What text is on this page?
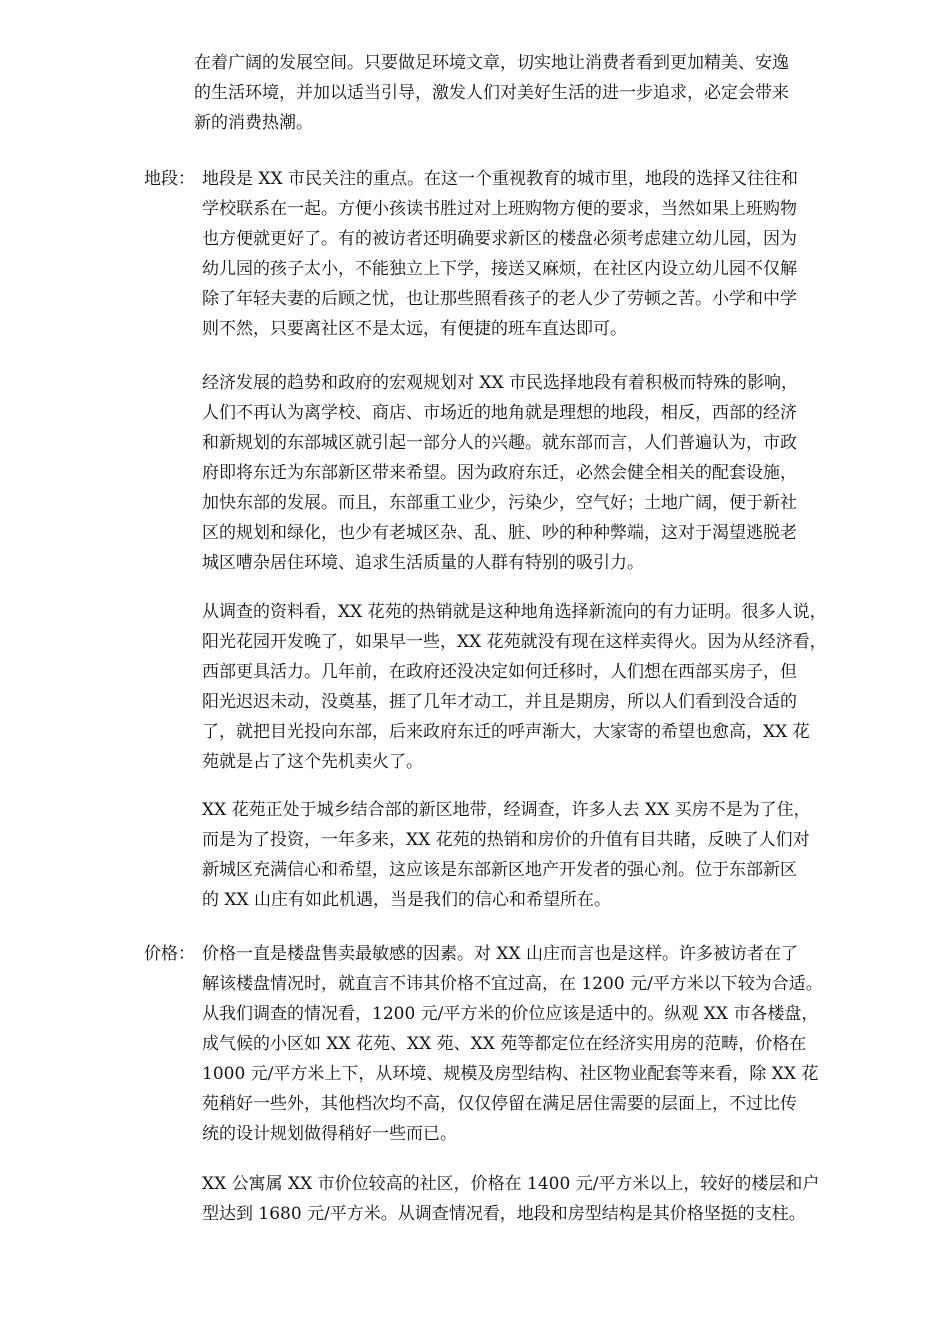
在着广阔的发展空间。只要做足环境文章，切实地让消费者看到更加精美、安逸
的生活环境，并加以适当引导，激发人们对美好生活的进一步追求，必定会带来
新的消费热潮。
地段： 地段是 XX 市民关注的重点。在这一个重视教育的城市里，地段的选择又往往和
学校联系在一起。方便小孩读书胜过对上班购物方便的要求，当然如果上班购物
也方便就更好了。有的被访者还明确要求新区的楼盘必须考虑建立幼儿园，因为
幼儿园的孩子太小，不能独立上下学，接送又麻烦，在社区内设立幼儿园不仅解
除了年轻夫妻的后顾之忧，也让那些照看孩子的老人少了劳顿之苦。小学和中学
则不然，只要离社区不是太远，有便捷的班车直达即可。
经济发展的趋势和政府的宏观规划对 XX 市民选择地段有着积极而特殊的影响，
人们不再认为离学校、商店、市场近的地角就是理想的地段，相反，西部的经济
和新规划的东部城区就引起一部分人的兴趣。就东部而言，人们普遍认为，市政
府即将东迁为东部新区带来希望。因为政府东迁，必然会健全相关的配套设施，
加快东部的发展。而且，东部重工业少，污染少，空气好；土地广阔，便于新社
区的规划和绿化，也少有老城区杂、乱、脏、吵的种种弊端，这对于渴望逃脱老
城区嘈杂居住环境、追求生活质量的人群有特别的吸引力。
从调查的资料看，XX 花苑的热销就是这种地角选择新流向的有力证明。很多人说，
阳光花园开发晚了，如果早一些，XX 花苑就没有现在这样卖得火。因为从经济看，
西部更具活力。几年前，在政府还没决定如何迁移时，人们想在西部买房子，但
阳光迟迟未动，没奠基，捱了几年才动工，并且是期房，所以人们看到没合适的
了，就把目光投向东部，后来政府东迁的呼声渐大，大家寄的希望也愈高，XX 花
苑就是占了这个先机卖火了。
XX 花苑正处于城乡结合部的新区地带，经调查，许多人去 XX 买房不是为了住，
而是为了投资，一年多来，XX 花苑的热销和房价的升值有目共睹，反映了人们对
新城区充满信心和希望，这应该是东部新区地产开发者的强心剂。位于东部新区
的 XX 山庄有如此机遇，当是我们的信心和希望所在。
价格： 价格一直是楼盘售卖最敏感的因素。对 XX 山庄而言也是这样。许多被访者在了
解该楼盘情况时，就直言不讳其价格不宜过高，在 1200 元/平方米以下较为合适。
从我们调查的情况看，1200 元/平方米的价位应该是适中的。纵观 XX 市各楼盘，
成气候的小区如 XX 花苑、XX 苑、XX 苑等都定位在经济实用房的范畴，价格在
1000 元/平方米上下，从环境、规模及房型结构、社区物业配套等来看，除 XX 花
苑稍好一些外，其他档次均不高，仅仅停留在满足居住需要的层面上，不过比传
统的设计规划做得稍好一些而已。
XX 公寓属 XX 市价位较高的社区，价格在 1400 元/平方米以上，较好的楼层和户
型达到 1680 元/平方米。从调查情况看，地段和房型结构是其价格坚挺的支柱。
